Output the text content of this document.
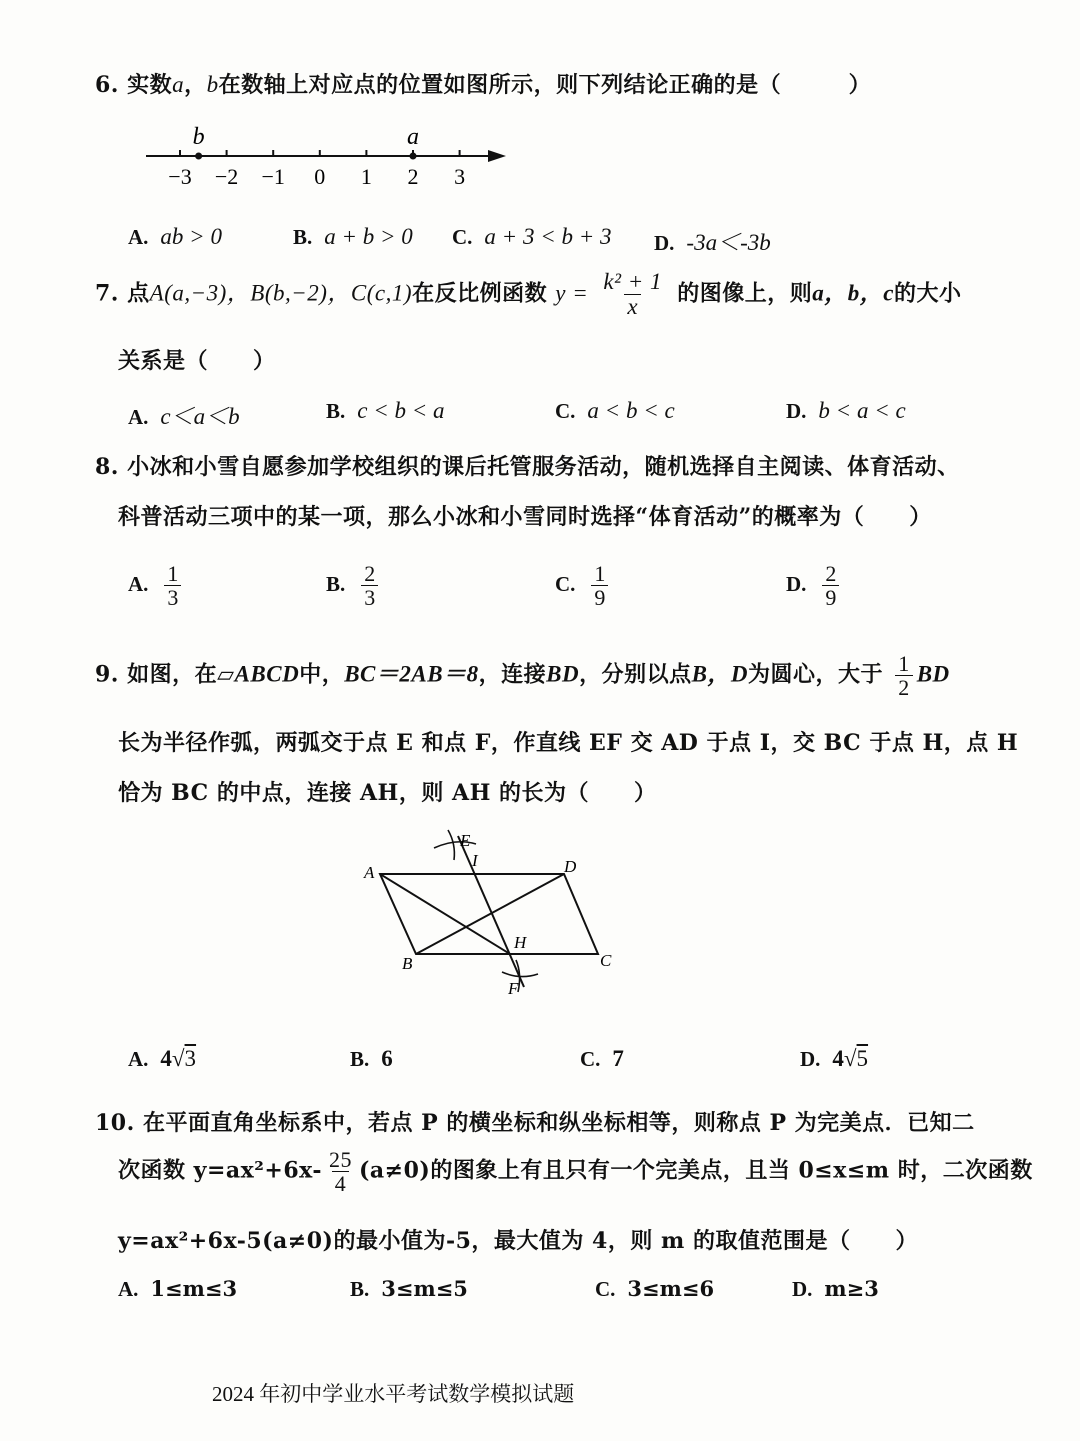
6. 实数a，b在数轴上对应点的位置如图所示，则下列结论正确的是（　　　）
−3 −2 −1 0 1 2 3
b	a
A. ab > 0	B. a + b > 0 C. a + 3 < b + 3 D. -3a＜-3b
7. 点A(a,−3)，B(b,−2)，C(c,1)在反比例函数 $y = \frac{\text{k² + 1}}{x}$ 的图像上，则a，b，c的大小
关系是（　　）
A. c＜a＜b	B. c < b < a	C. a < b < c	D. b < a < c
8. 小冰和小雪自愿参加学校组织的课后托管服务活动，随机选择自主阅读、体育活动、
科普活动三项中的某一项，那么小冰和小雪同时选择“体育活动”的概率为（　　）
A. $\frac{1}{3}$	B. $\frac{2}{3}$	C. $\frac{1}{9}$	D. $\frac{2}{9}$
9. 如图，在▱ABCD中，BC＝2AB＝8，连接BD，分别以点B，D为圆心，大于 $\frac{1}{2}$ BD
长为半径作弧，两弧交于点 E 和点 F，作直线 EF 交 AD 于点 I，交 BC 于点 H，点 H
恰为 BC 的中点，连接 AH，则 AH 的长为（　　）
A	D
B	C
E
I
H
F
A. 4√3	B. 6	C. 7	D. 4√5
10. 在平面直角坐标系中，若点 P 的横坐标和纵坐标相等，则称点 P 为完美点．已知二
次函数 $y=ax^2+6x- \frac{25}{4} (a\ne 0)$的图象上有且只有一个完美点，且当 0≤x≤m 时，二次函数
y=ax²+6x-5(a≠0)的最小值为-5，最大值为 4，则 m 的取值范围是（　　）
A. 1≤m≤3	B. 3≤m≤5	C. 3≤m≤6	D. m≥3
2024 年初中学业水平考试数学模拟试题
